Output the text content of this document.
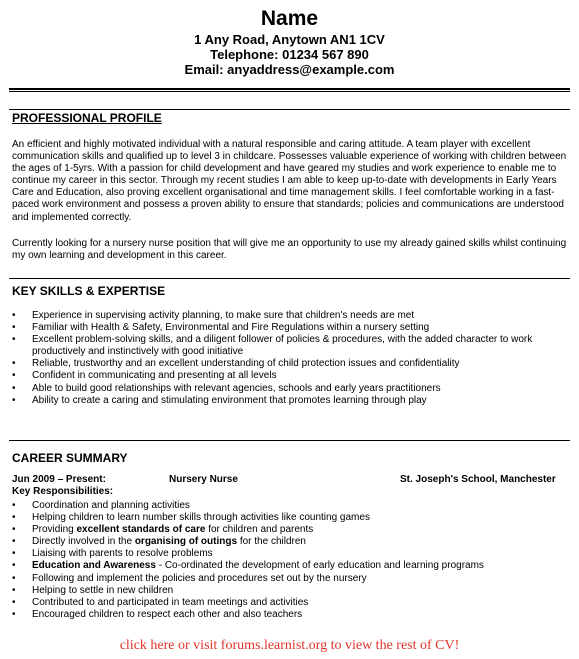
Name
1 Any Road, Anytown AN1 1CV
Telephone: 01234 567 890
Email: anyaddress@example.com
PROFESSIONAL PROFILE

An efficient and highly motivated individual with a natural responsible and caring attitude. A team player with excellent communication skills and qualified up to level 3 in childcare. Possesses valuable experience of working with children between the ages of 1-5yrs. With a passion for child development and have geared my studies and work experience to enable me to continue my career in this sector. Through my recent studies I am able to keep up-to-date with developments in Early Years Care and Education, also proving excellent organisational and time management skills. I feel comfortable working in a fast-paced work environment and possess a proven ability to ensure that standards; policies and communications are understood and implemented correctly.

Currently looking for a nursery nurse position that will give me an opportunity to use my already gained skills whilst continuing my own learning and development in this career.

KEY SKILLS & EXPERTISE
• Experience in supervising activity planning, to make sure that children's needs are met
• Familiar with Health & Safety, Environmental and Fire Regulations within a nursery setting
• Excellent problem-solving skills, and a diligent follower of policies & procedures, with the added character to work productively and instinctively with good initiative
• Reliable, trustworthy and an excellent understanding of child protection issues and confidentiality
• Confident in communicating and presenting at all levels
• Able to build good relationships with relevant agencies, schools and early years practitioners
• Ability to create a caring and stimulating environment that promotes learning through play
CAREER SUMMARY
Jun 2009 – Present:	Nursery Nurse	St. Joseph's School, Manchester
Key Responsibilities:
• Coordination and planning activities
• Helping children to learn number skills through activities like counting games
• Providing excellent standards of care for children and parents
• Directly involved in the organising of outings for the children
• Liaising with parents to resolve problems
• Education and Awareness - Co-ordinated the development of early education and learning programs
• Following and implement the policies and procedures set out by the nursery
• Helping to settle in new children
• Contributed to and participated in team meetings and activities
• Encouraged children to respect each other and also teachers
click here or visit forums.learnist.org to view the rest of CV!
